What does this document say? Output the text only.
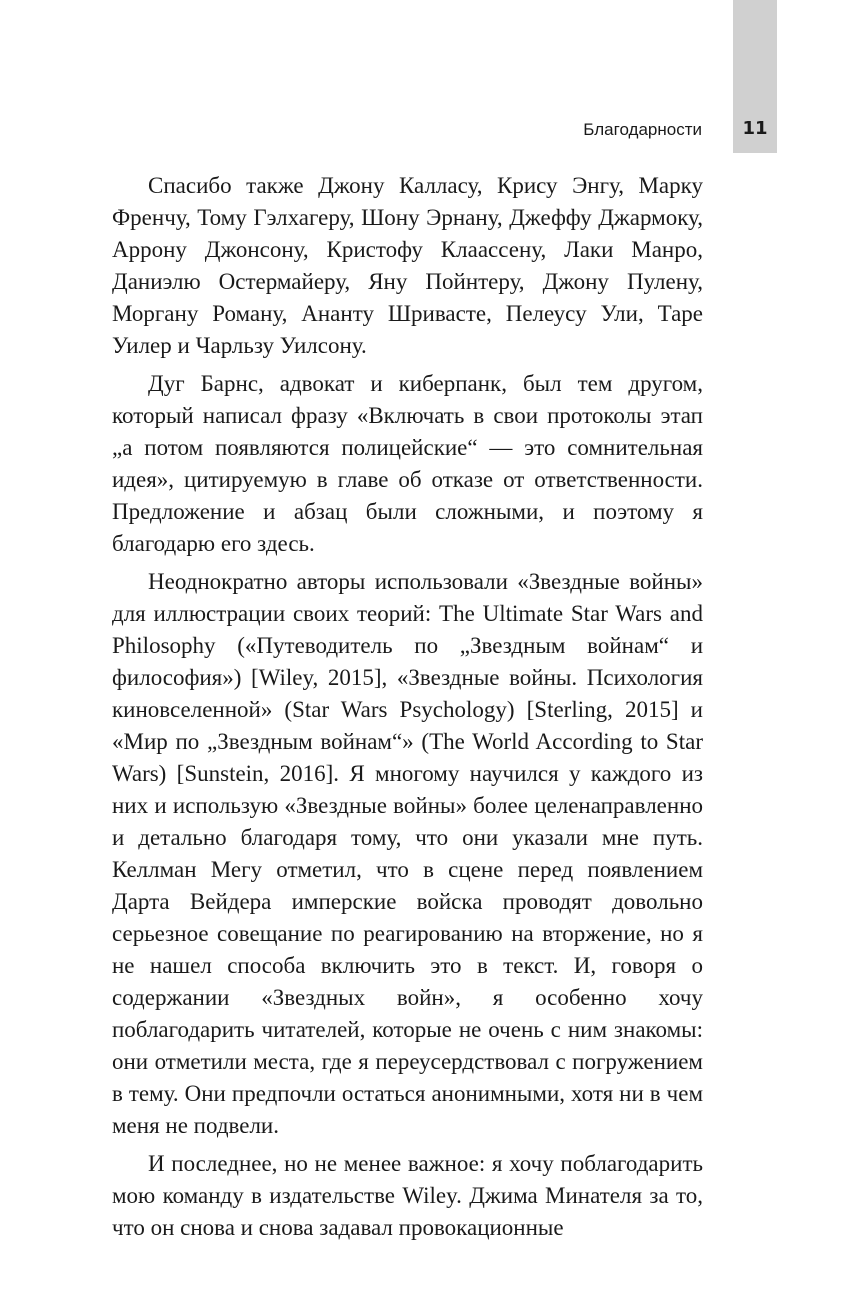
11
Благодарности

Спасибо также Джону Калласу, Крису Энгу, Марку Френчу, Тому Гэлхагеру, Шону Эрнану, Джеффу Джармоку, Аррону Джонсону, Кристофу Клаассену, Лаки Манро, Даниэлю Остермайеру, Яну Пойнтеру, Джону Пулену, Моргану Роману, Ананту Шривасте, Пелеусу Ули, Таре Уилер и Чарльзу Уилсону.

Дуг Барнс, адвокат и киберпанк, был тем другом, который написал фразу «Включать в свои протоколы этап „а потом появляются полицейские“ — это сомнительная идея», цитируемую в главе об отказе от ответственности. Предложение и абзац были сложными, и поэтому я благодарю его здесь.

Неоднократно авторы использовали «Звездные войны» для иллюстрации своих теорий: The Ultimate Star Wars and Philosophy («Путеводитель по „Звездным войнам“ и философия») [Wiley, 2015], «Звездные войны. Психология киновселенной» (Star Wars Psychology) [Sterling, 2015] и «Мир по „Звездным войнам“» (The World According to Star Wars) [Sunstein, 2016]. Я многому научился у каждого из них и использую «Звездные войны» более целенаправленно и детально благодаря тому, что они указали мне путь. Келлман Мегу отметил, что в сцене перед появлением Дарта Вейдера имперские войска проводят довольно серьезное совещание по реагированию на вторжение, но я не нашел способа включить это в текст. И, говоря о содержании «Звездных войн», я особенно хочу поблагодарить читателей, которые не очень с ним знакомы: они отметили места, где я переусердствовал с погружением в тему. Они предпочли остаться анонимными, хотя ни в чем меня не подвели.

И последнее, но не менее важное: я хочу поблагодарить мою команду в издательстве Wiley. Джима Минателя за то, что он снова и снова задавал провокационные
